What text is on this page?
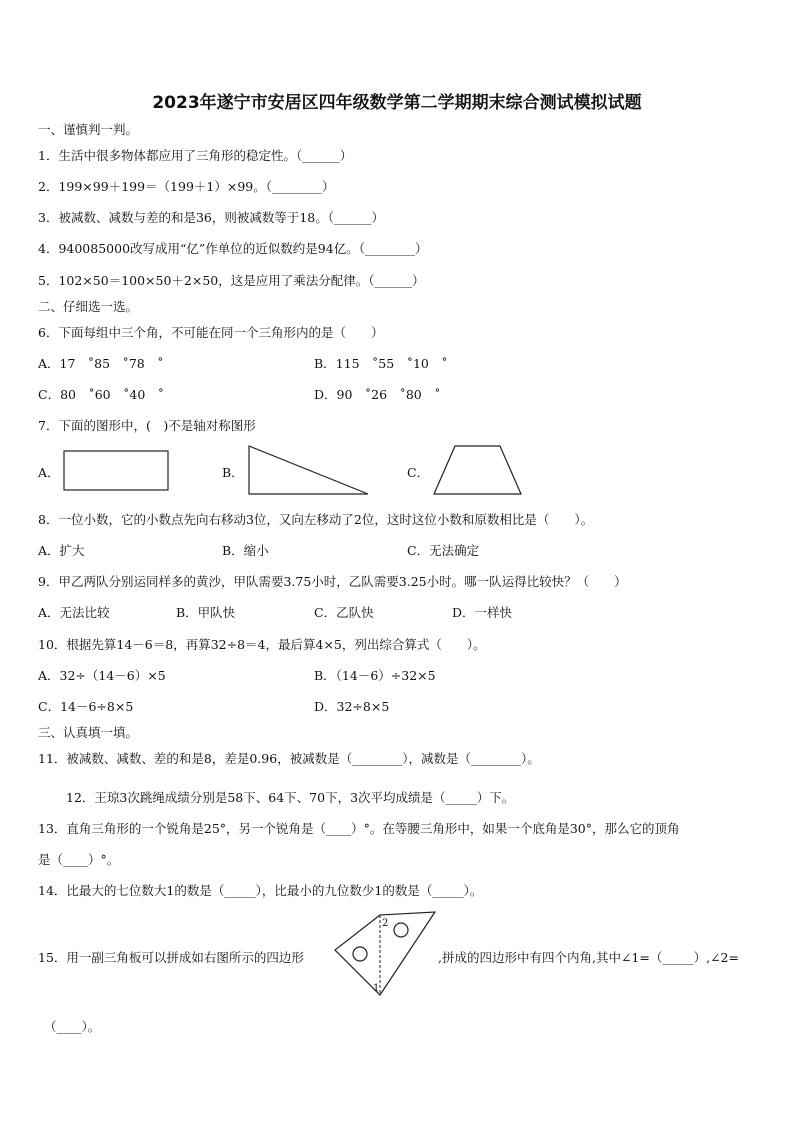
2023年遂宁市安居区四年级数学第二学期期末综合测试模拟试题
一、谨慎判一判。
1．生活中很多物体都应用了三角形的稳定性。（______）
2．199×99＋199＝（199＋1）×99。（________）
3．被减数、减数与差的和是36，则被减数等于18。（______）
4．940085000改写成用“亿”作单位的近似数约是94亿。（________）
5．102×50＝100×50＋2×50，这是应用了乘法分配律。（______）
二、仔细选一选。
6．下面每组中三个角，不可能在同一个三角形内的是（　　）
A．17　˚85　˚78　˚	B．115　˚55　˚10　˚
C．80　˚60　˚40　˚	D．90　˚26　˚80　˚
7．下面的图形中，(　)不是轴对称图形
A．	B．	C．
8．一位小数，它的小数点先向右移动3位，又向左移动了2位，这时这位小数和原数相比是（　　）。
A．扩大	B．缩小	C．无法确定
9．甲乙两队分别运同样多的黄沙，甲队需要3.75小时，乙队需要3.25小时。哪一队运得比较快？（　　）
A．无法比较	B．甲队快	C．乙队快	D．一样快
10．根据先算14－6＝8，再算32÷8＝4，最后算4×5，列出综合算式（　　）。
A．32÷（14－6）×5	B．（14－6）÷32×5
C．14－6÷8×5	D．32÷8×5
三、认真填一填。
11．被减数、减数、差的和是8，差是0.96，被减数是（________），减数是（________）。
12．王琼3次跳绳成绩分别是58下、64下、70下，3次平均成绩是（_____）下。
13．直角三角形的一个锐角是25°，另一个锐角是（____）°。在等腰三角形中，如果一个底角是30°，那么它的顶角
是（____）°。
14．比最大的七位数大1的数是（_____），比最小的九位数少1的数是（_____）。
15．用一副三角板可以拼成如右图所示的四边形
2
1
,拼成的四边形中有四个内角,其中∠1=（_____）,∠2=
（____）。
